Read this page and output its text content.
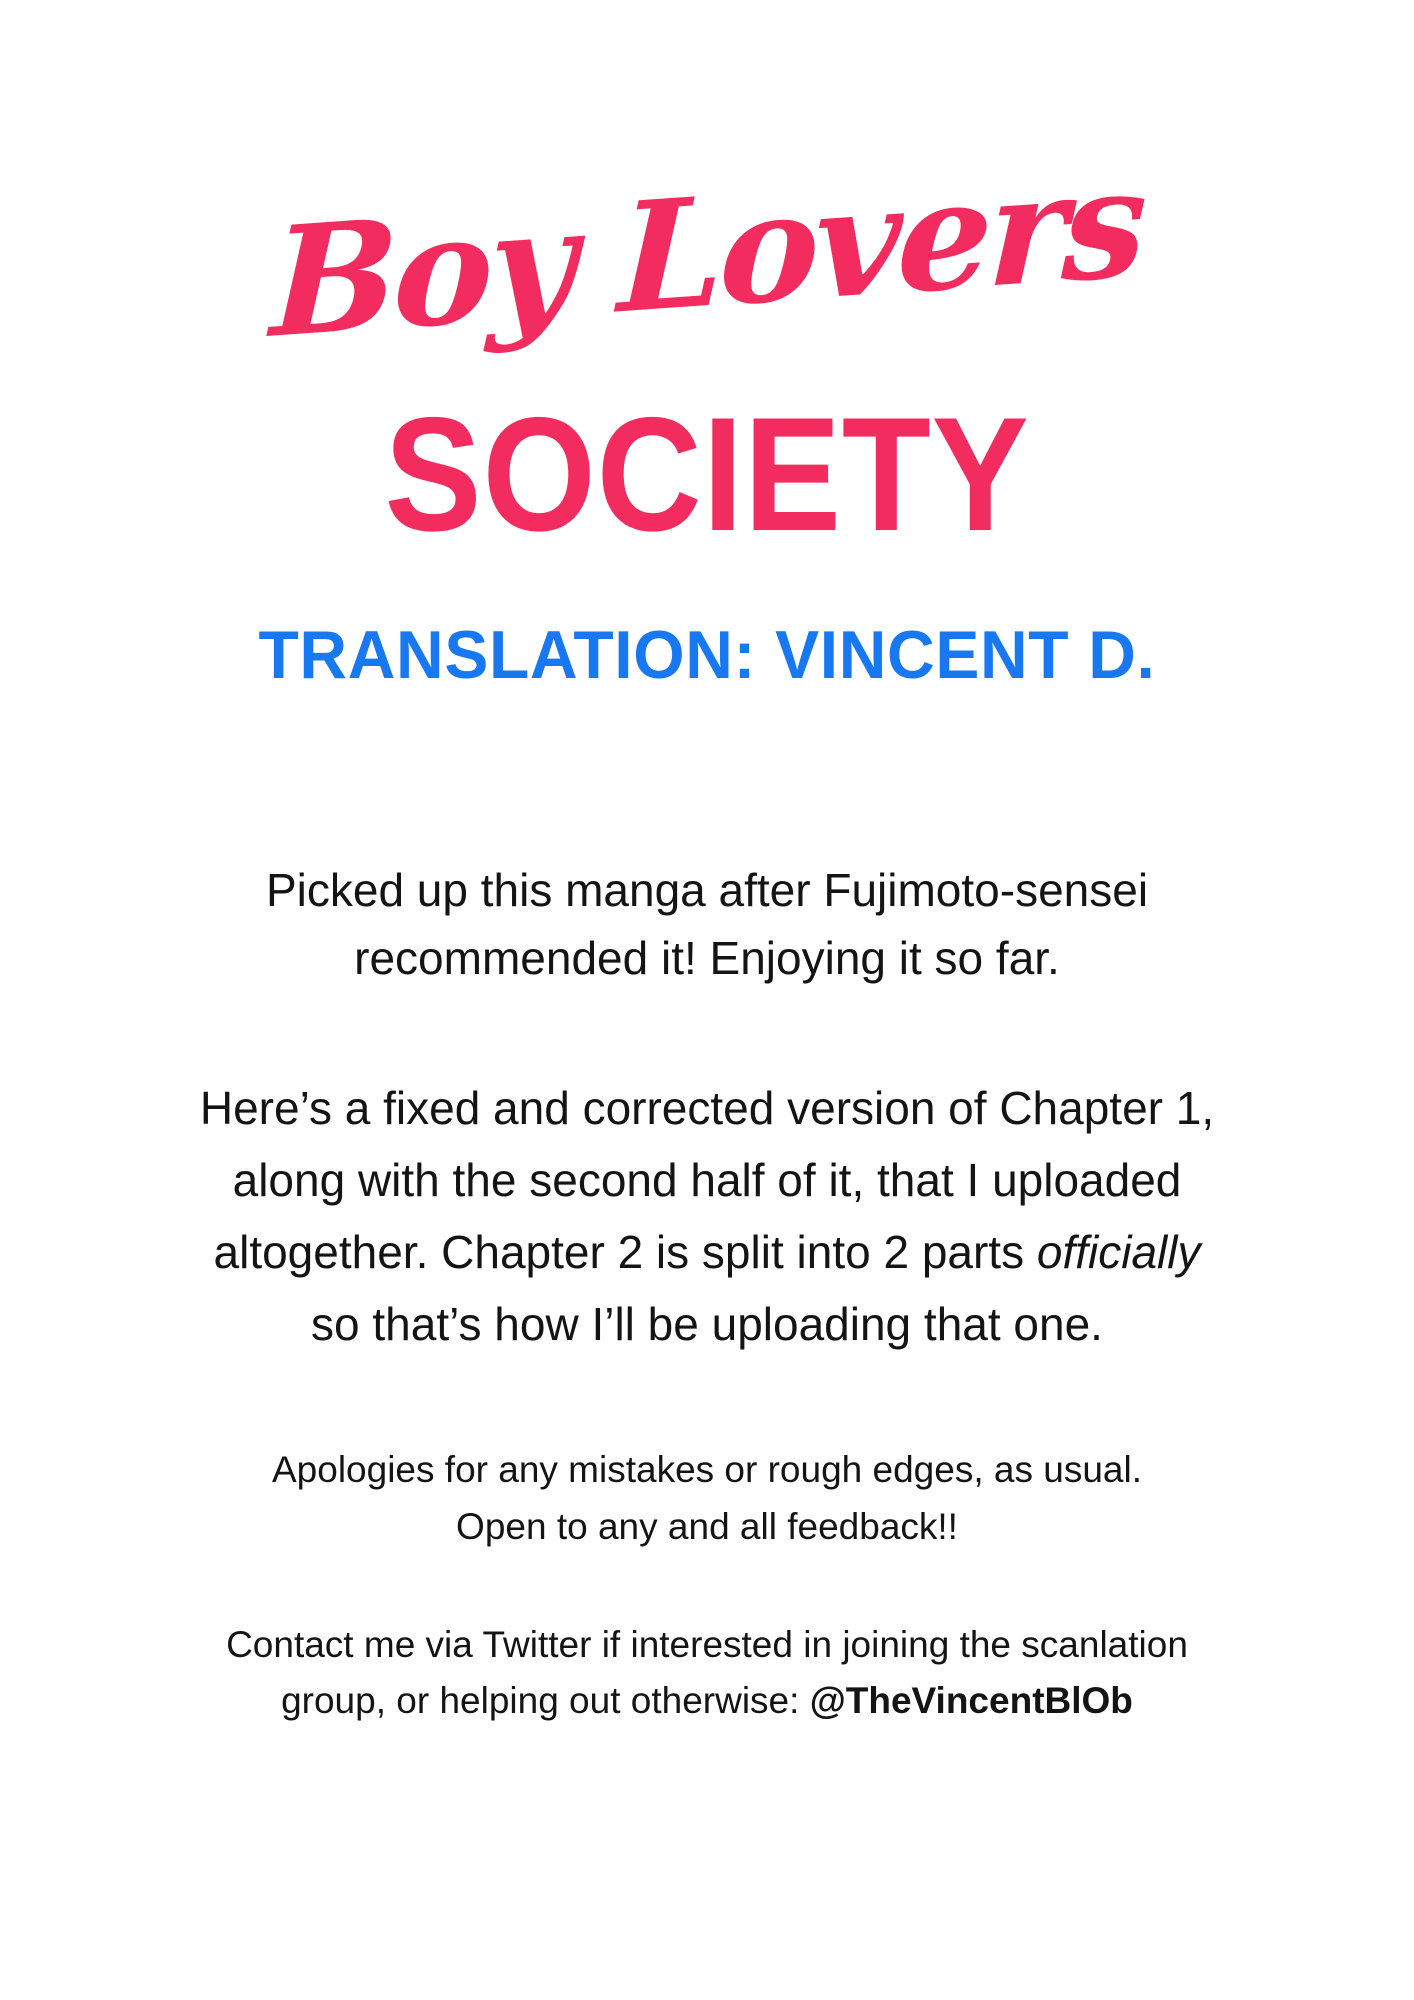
Boy Lovers
SOCIETY
TRANSLATION: VINCENT D.
Picked up this manga after Fujimoto-sensei
recommended it! Enjoying it so far.
Here’s a fixed and corrected version of Chapter 1,
along with the second half of it, that I uploaded
altogether. Chapter 2 is split into 2 parts officially
so that’s how I’ll be uploading that one.
Apologies for any mistakes or rough edges, as usual.
Open to any and all feedback!!
Contact me via Twitter if interested in joining the scanlation
group, or helping out otherwise: @TheVincentBlOb
